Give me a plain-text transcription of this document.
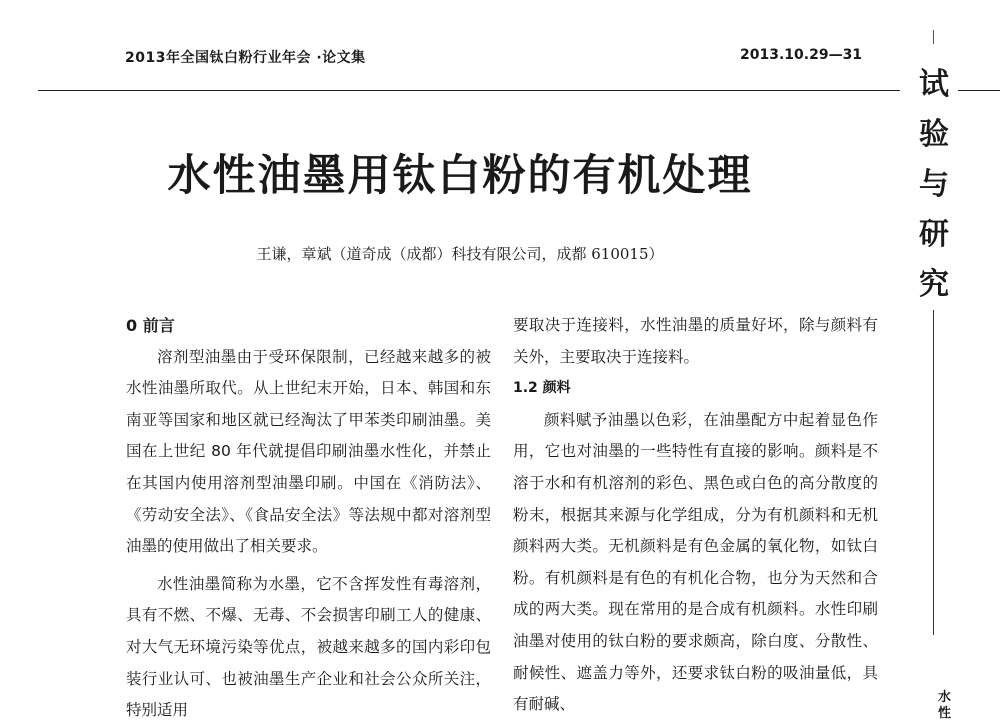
2013年全国钛白粉行业年会 ·论文集	2013.10.29—31
试
验
与
研
究
水
性
水性油墨用钛白粉的有机处理
王谦，章斌（道奇成（成都）科技有限公司，成都 610015）

0 前言

溶剂型油墨由于受环保限制，已经越来越多的被水性油墨所取代。从上世纪末开始，日本、韩国和东南亚等国家和地区就已经淘汰了甲苯类印刷油墨。美国在上世纪 80 年代就提倡印刷油墨水性化，并禁止在其国内使用溶剂型油墨印刷。中国在《消防法》、《劳动安全法》、《食品安全法》等法规中都对溶剂型油墨的使用做出了相关要求。

水性油墨简称为水墨，它不含挥发性有毒溶剂，具有不燃、不爆、无毒、不会损害印刷工人的健康、对大气无环境污染等优点，被越来越多的国内彩印包装行业认可、也被油墨生产企业和社会公众所关注，特别适用

要取决于连接料，水性油墨的质量好坏，除与颜料有关外，主要取决于连接料。

1.2 颜料

颜料赋予油墨以色彩，在油墨配方中起着显色作用，它也对油墨的一些特性有直接的影响。颜料是不溶于水和有机溶剂的彩色、黑色或白色的高分散度的粉末，根据其来源与化学组成，分为有机颜料和无机颜料两大类。无机颜料是有色金属的氧化物，如钛白粉。有机颜料是有色的有机化合物，也分为天然和合成的两大类。现在常用的是合成有机颜料。水性印刷油墨对使用的钛白粉的要求颇高，除白度、分散性、耐候性、遮盖力等外，还要求钛白粉的吸油量低，具有耐碱、
